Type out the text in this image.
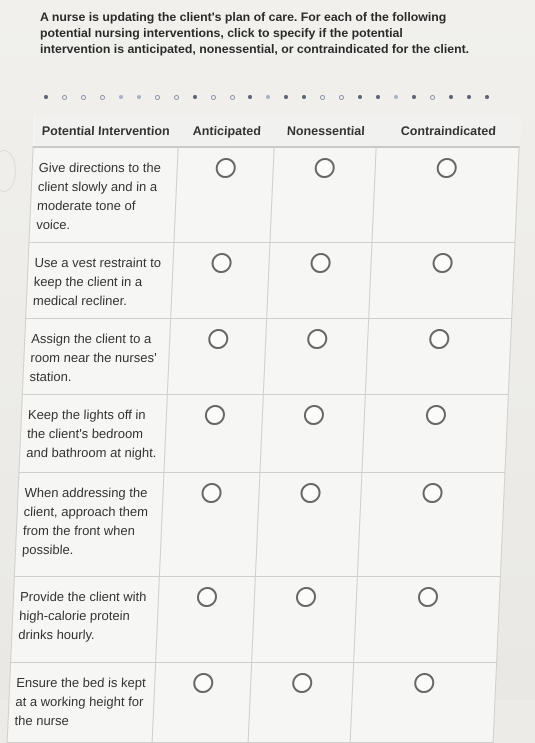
A nurse is updating the client's plan of care. For each of the following potential nursing interventions, click to specify if the potential intervention is anticipated, nonessential, or contraindicated for the client.

Potential Intervention	Anticipated	Nonessential	Contraindicated
Give directions to the client slowly and in a moderate tone of voice.			
Use a vest restraint to keep the client in a medical recliner.			
Assign the client to a room near the nurses' station.			
Keep the lights off in the client's bedroom and bathroom at night.			
When addressing the client, approach them from the front when possible.			
Provide the client with high-calorie protein drinks hourly.			
Ensure the bed is kept at a working height for the nurse			
